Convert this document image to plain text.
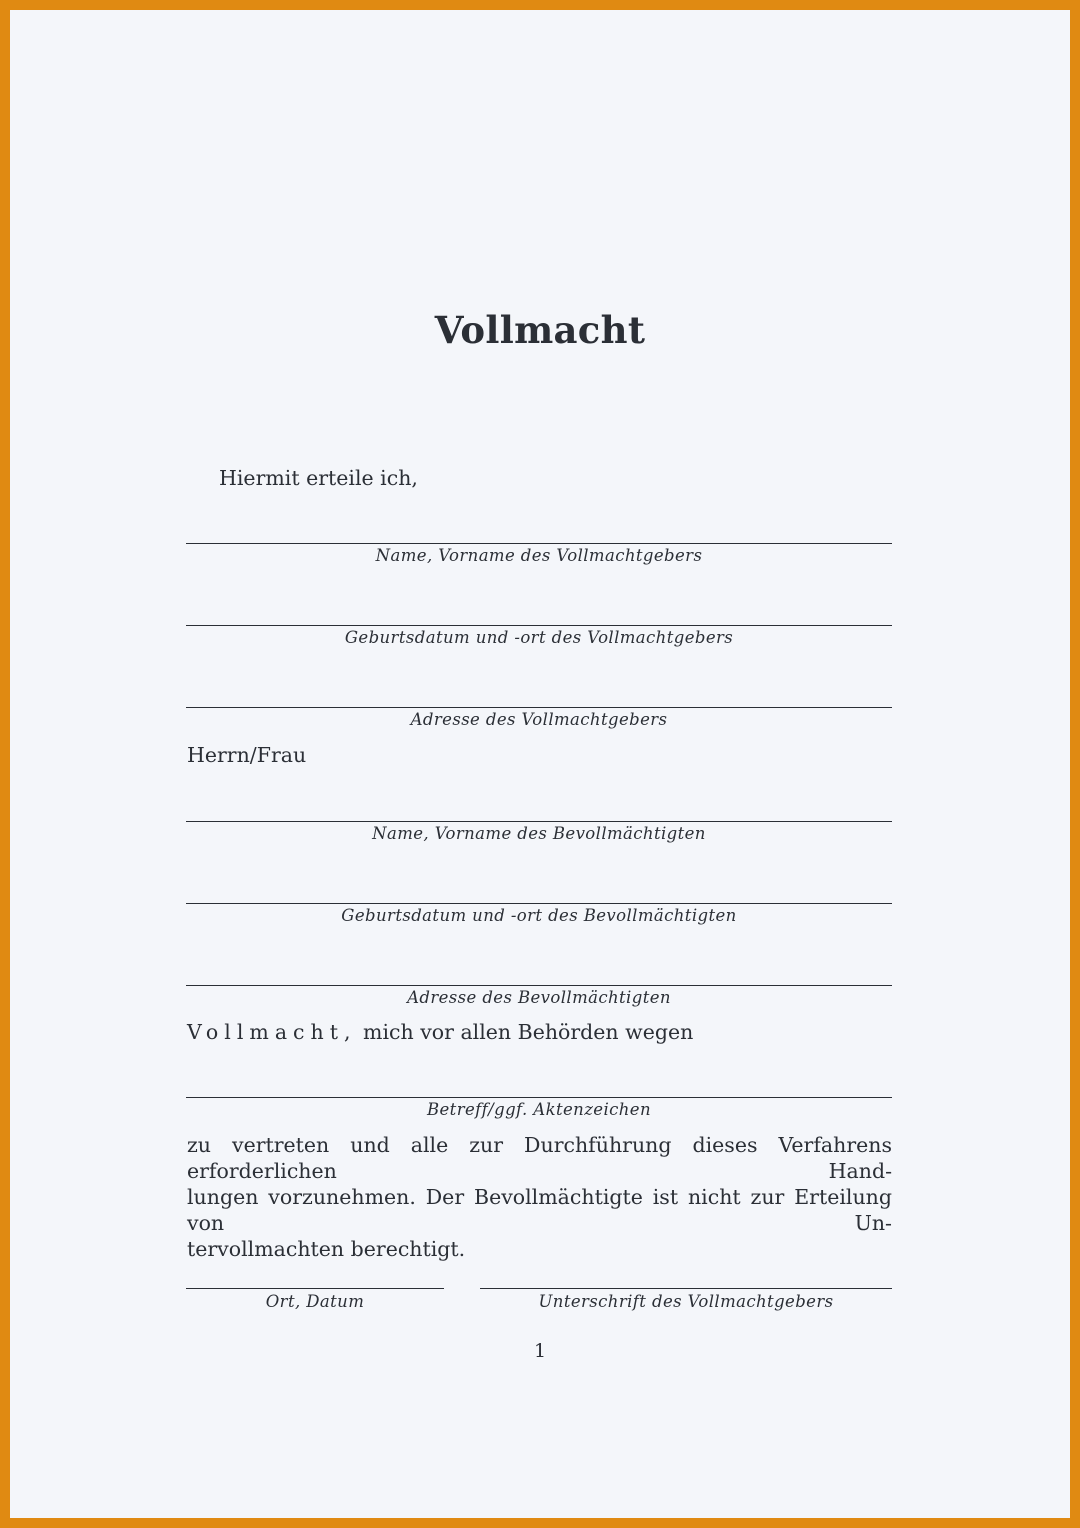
Vollmacht
Hiermit erteile ich,
Name, Vorname des Vollmachtgebers
Geburtsdatum und -ort des Vollmachtgebers
Adresse des Vollmachtgebers
Herrn/Frau
Name, Vorname des Bevollmächtigten
Geburtsdatum und -ort des Bevollmächtigten
Adresse des Bevollmächtigten
Vollmacht, mich vor allen Behörden wegen
Betreff/ggf. Aktenzeichen
zu vertreten und alle zur Durchführung dieses Verfahrens erforderlichen Hand-
lungen vorzunehmen. Der Bevollmächtigte ist nicht zur Erteilung von Un-
tervollmachten berechtigt.
Ort, Datum	Unterschrift des Vollmachtgebers
1
